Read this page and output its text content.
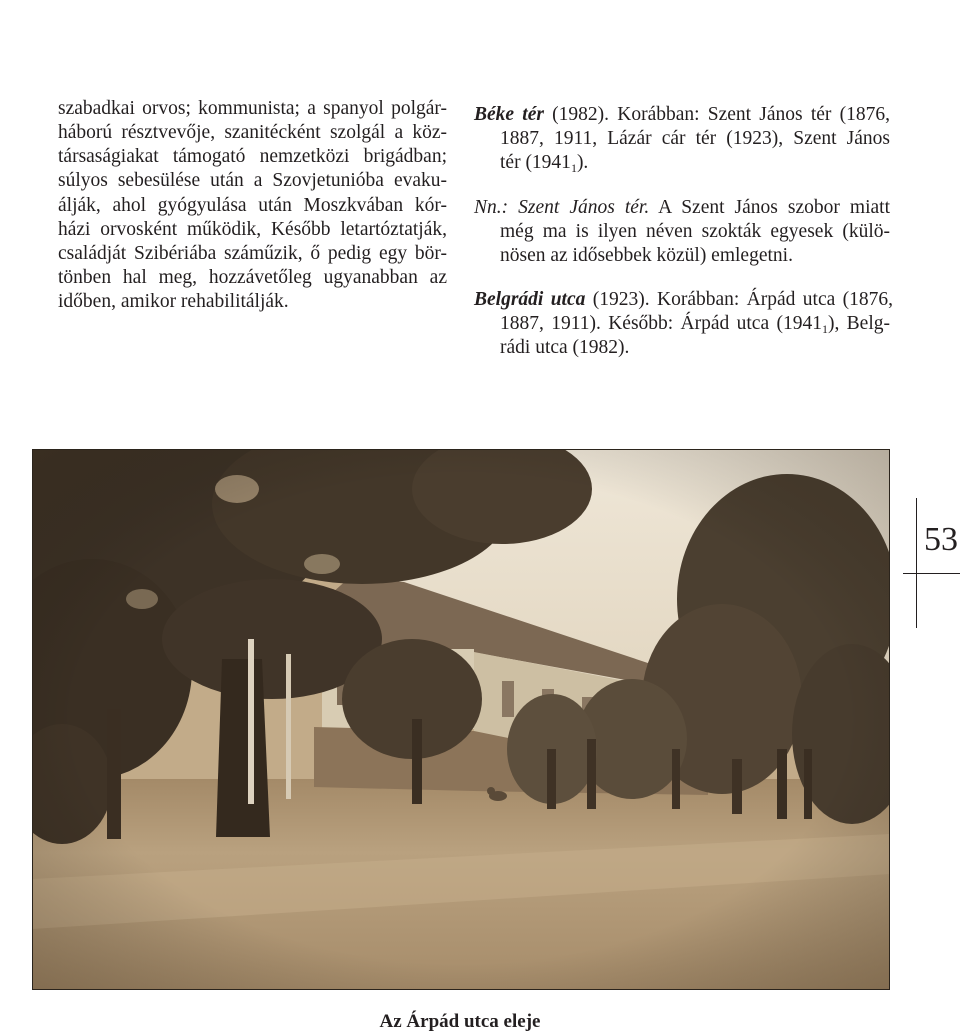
szabadkai orvos; kommunista; a spanyol polgár-
háború résztvevője, szanitécként szolgál a köz-
társaságiakat támogató nemzetközi brigádban;
súlyos sebesülése után a Szovjetunióba evaku-
álják, ahol gyógyulása után Moszkvában kór-
házi orvosként működik, Később letartóztatják,
családját Szibériába száműzik, ő pedig egy bör-
tönben hal meg, hozzávetőleg ugyanabban az
időben, amikor rehabilitálják.
Béke tér (1982). Korábban: Szent János tér (1876,
1887, 1911, Lázár cár tér (1923), Szent János
tér $(1941_1)$.
Nn.: Szent János tér. A Szent János szobor miatt
még ma is ilyen néven szokták egyesek (külö-
nösen az idősebbek közül) emlegetni.
Belgrádi utca (1923). Korábban: Árpád utca (1876,
1887, 1911). Később: Árpád utca $(1941_1)$, Belg-
rádi utca (1982).
53
Az Árpád utca eleje
